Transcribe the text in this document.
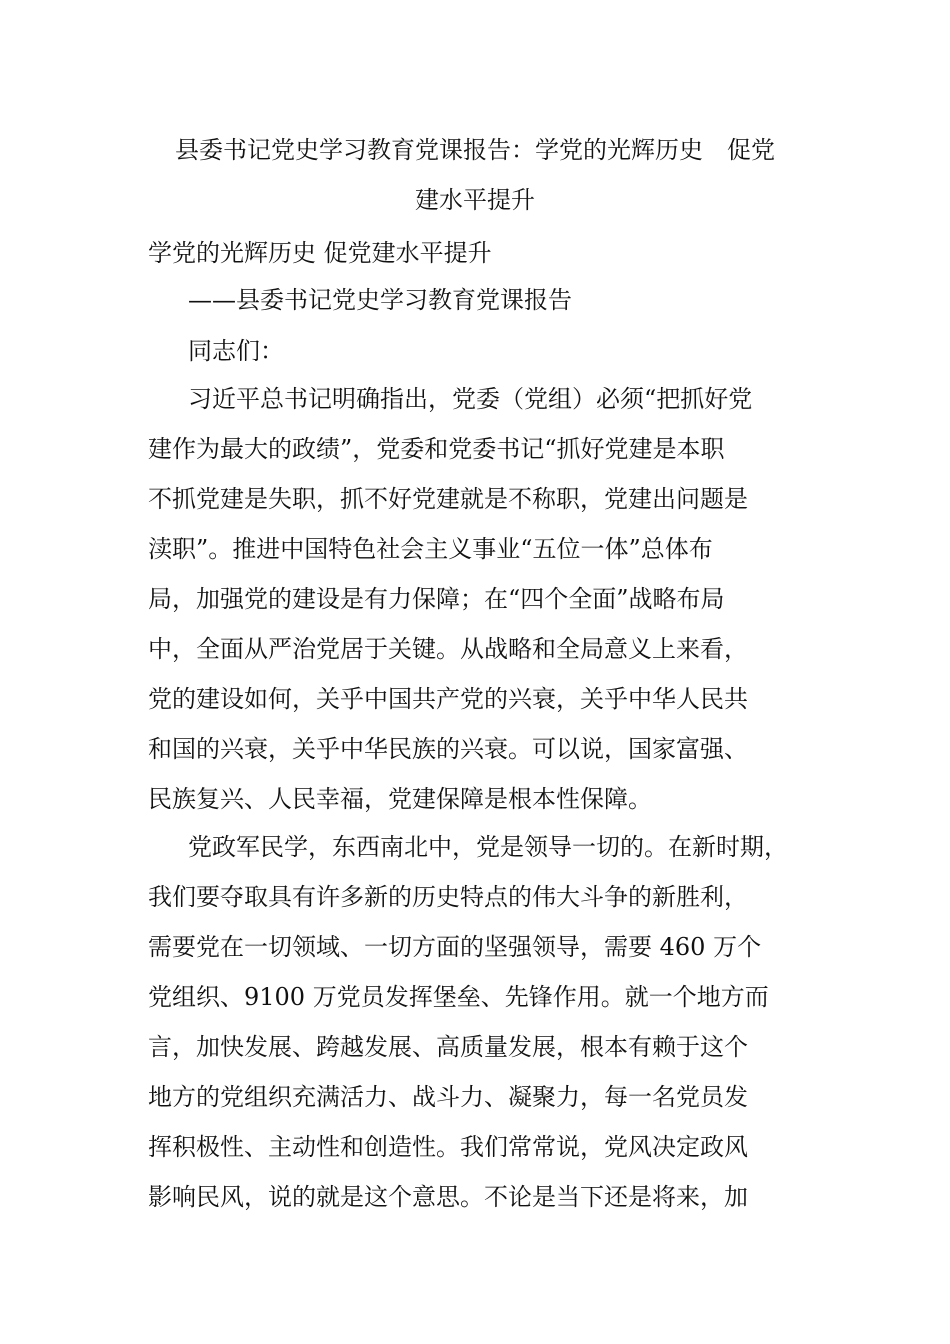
县委书记党史学习教育党课报告：学党的光辉历史　促党
建水平提升

学党的光辉历史 促党建水平提升

——县委书记党史学习教育党课报告

同志们：

习近平总书记明确指出，党委（党组）必须“把抓好党
建作为最大的政绩”，党委和党委书记“抓好党建是本职
不抓党建是失职，抓不好党建就是不称职，党建出问题是
渎职”。推进中国特色社会主义事业“五位一体”总体布
局，加强党的建设是有力保障；在“四个全面”战略布局
中，全面从严治党居于关键。从战略和全局意义上来看，
党的建设如何，关乎中国共产党的兴衰，关乎中华人民共
和国的兴衰，关乎中华民族的兴衰。可以说，国家富强、
民族复兴、人民幸福，党建保障是根本性保障。
党政军民学，东西南北中，党是领导一切的。在新时期，
我们要夺取具有许多新的历史特点的伟大斗争的新胜利，
需要党在一切领域、一切方面的坚强领导，需要 460 万个
党组织、9100 万党员发挥堡垒、先锋作用。就一个地方而
言，加快发展、跨越发展、高质量发展，根本有赖于这个
地方的党组织充满活力、战斗力、凝聚力，每一名党员发
挥积极性、主动性和创造性。我们常常说，党风决定政风
影响民风，说的就是这个意思。不论是当下还是将来，加
